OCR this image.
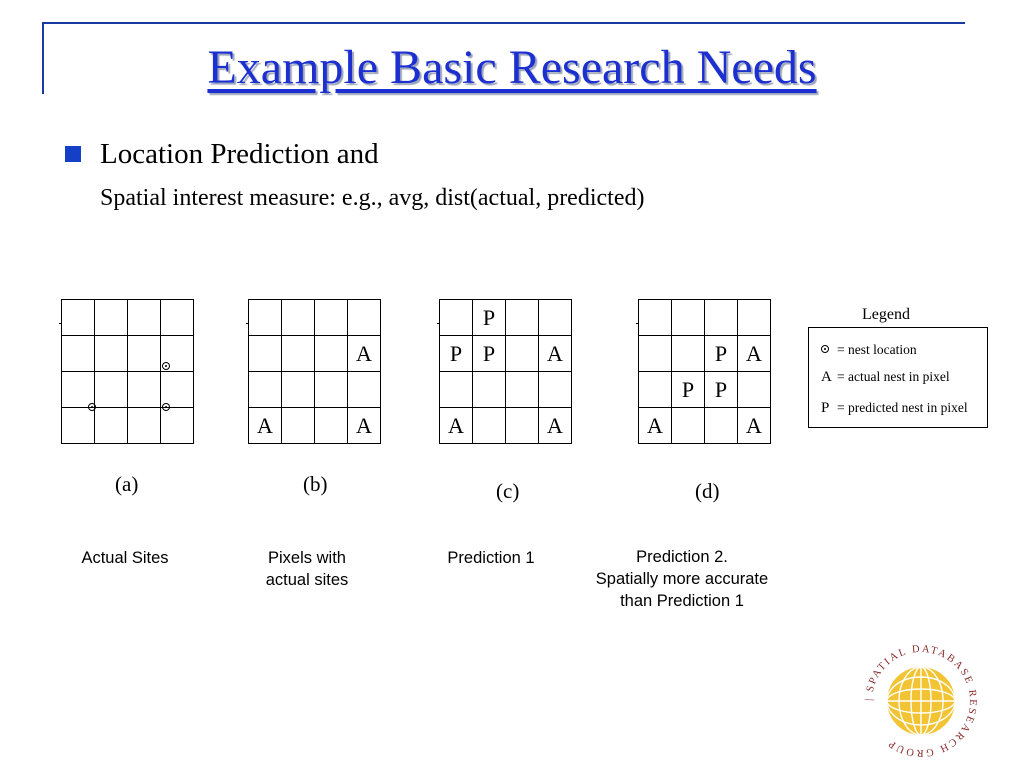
Example Basic Research Needs
Location Prediction and
Spatial interest measure: e.g., avg, dist(actual, predicted)
A
A	A
P
P P	A
A	A
P A
P P
A	A
(a)	(b)	(c)	(d)
Actual Sites	Pixels with
actual sites
Prediction 1	Prediction 2.
Spatially more accurate
than Prediction 1
Legend
= nest location
A = actual nest in pixel
P = predicted nest in pixel
| SPATIAL DATABASE RESEARCH GROUP
